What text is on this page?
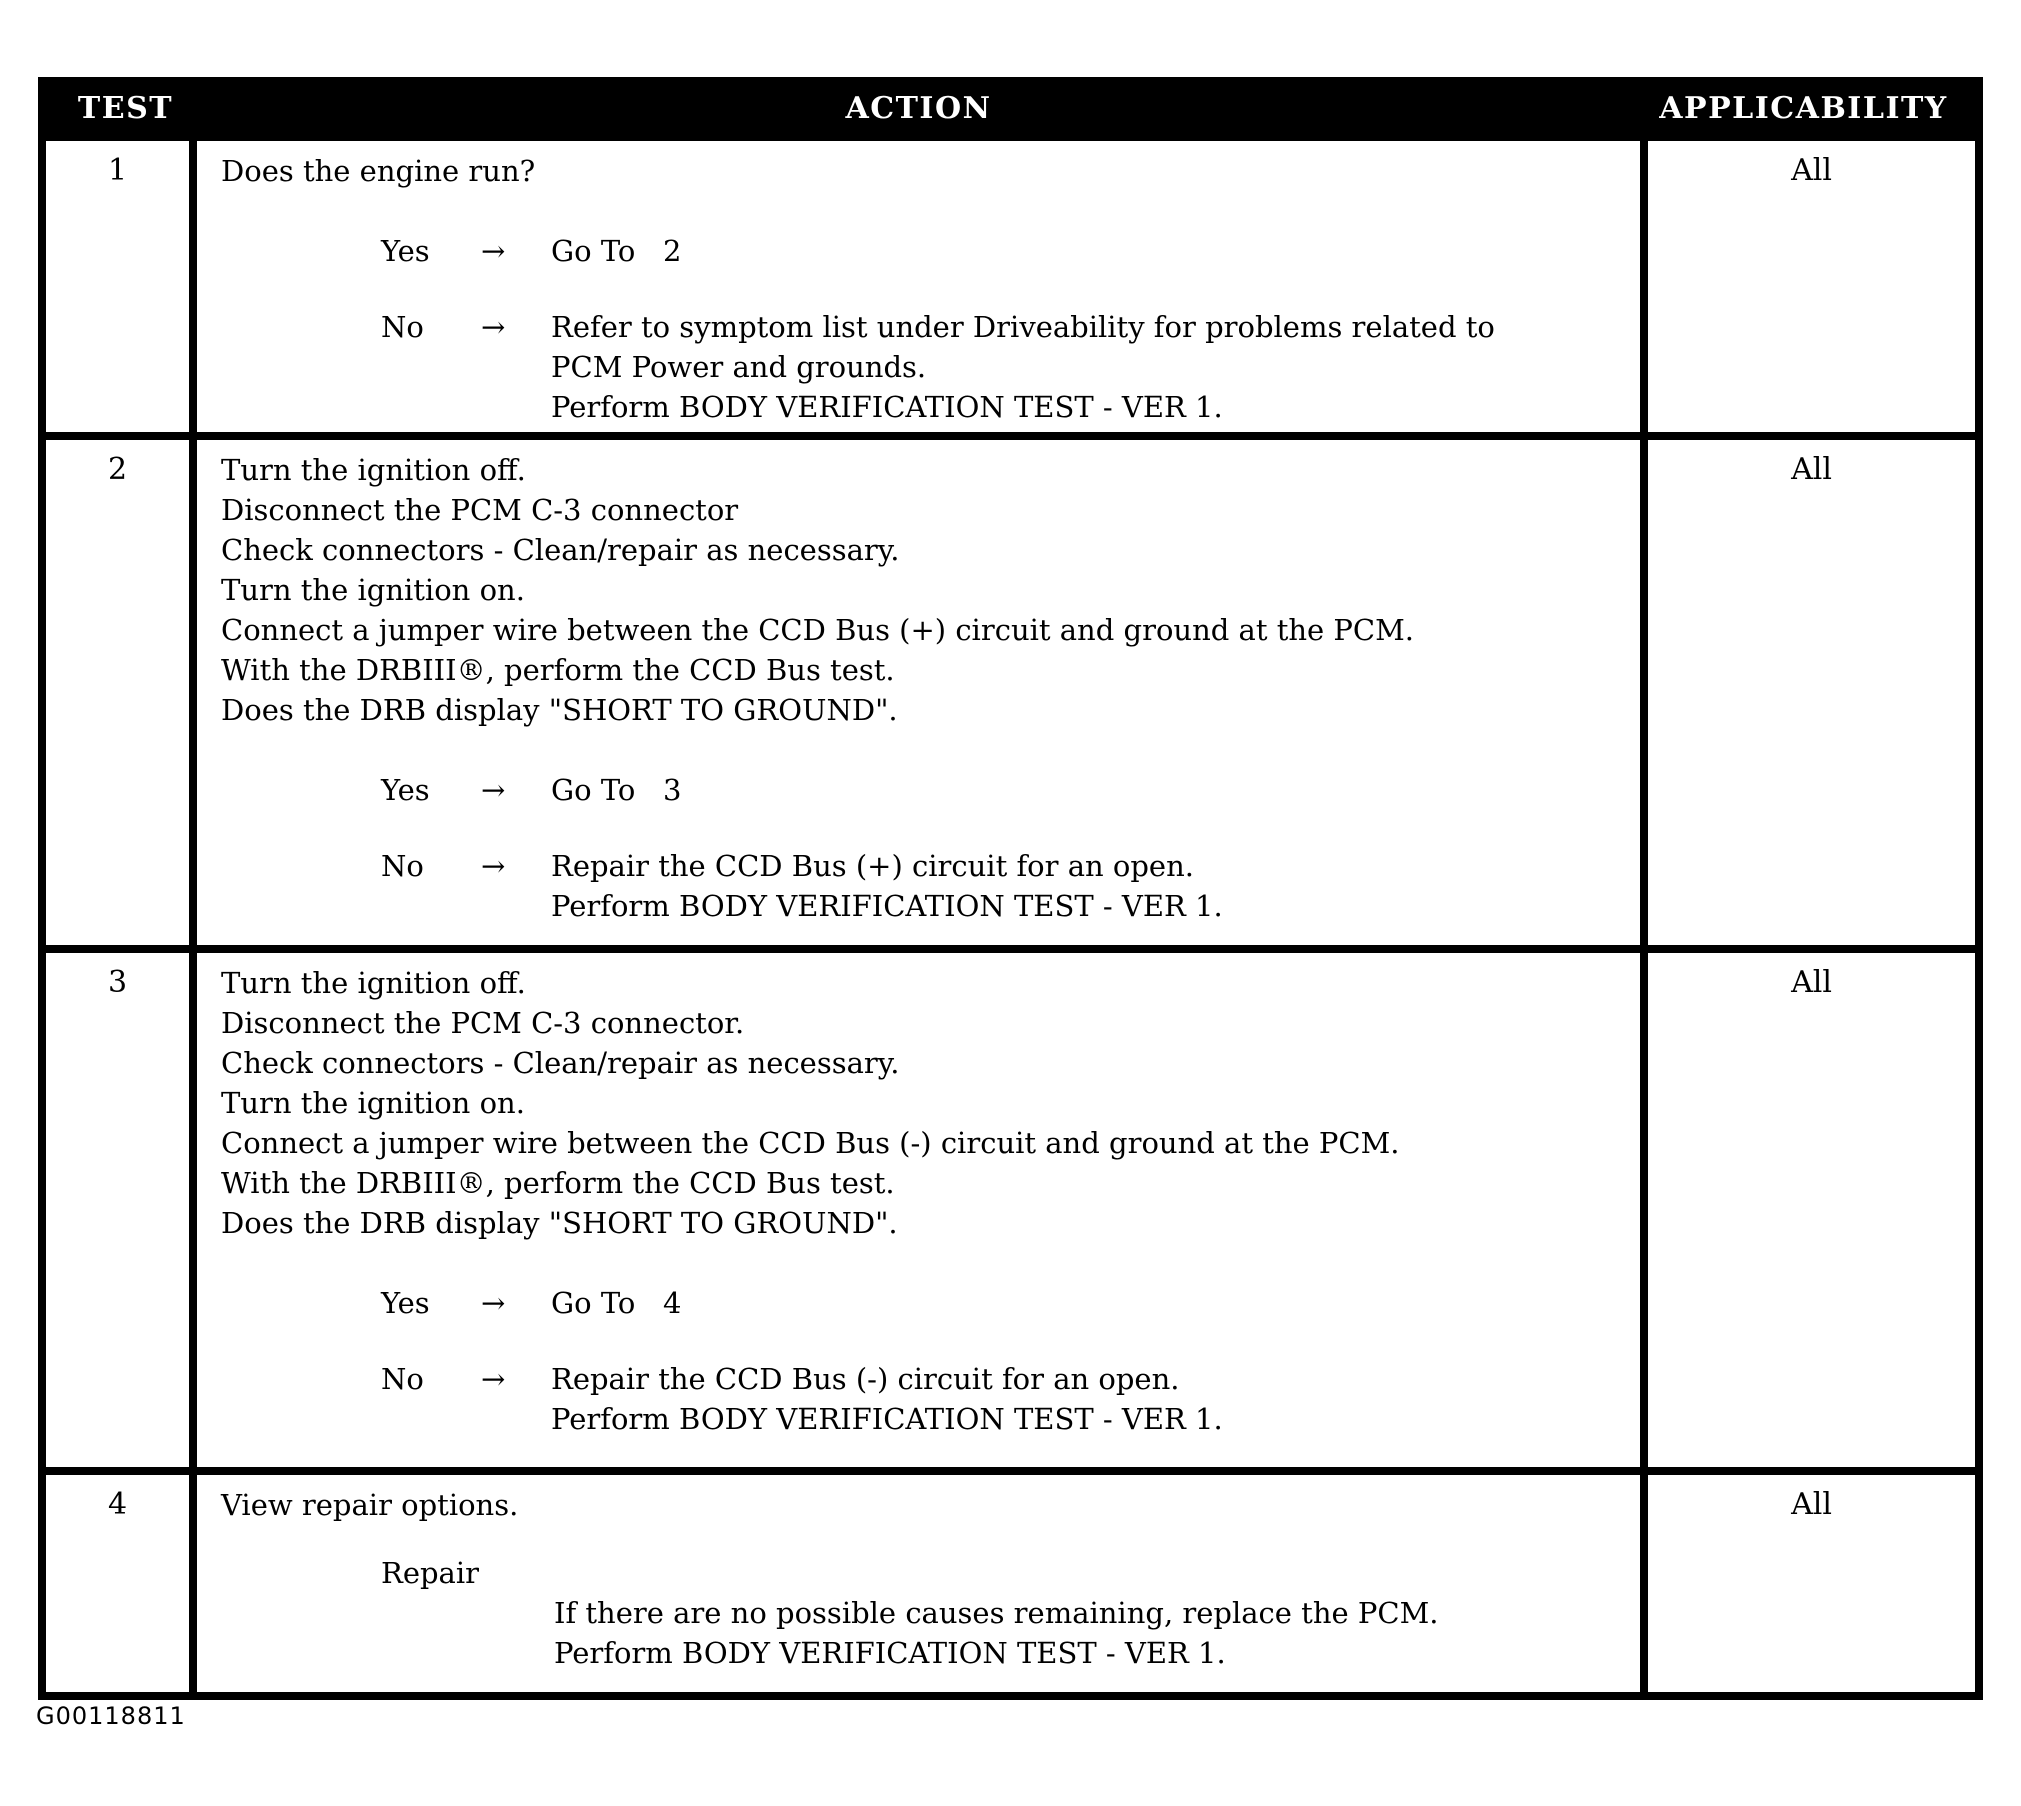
TEST	ACTION	APPLICABILITY
1	Does the engine run?
Yes	→	Go To   2
No	→	Refer to symptom list under Driveability for problems related to
PCM Power and grounds.
Perform BODY VERIFICATION TEST - VER 1.
All
2	Turn the ignition off.
Disconnect the PCM C-3 connector
Check connectors - Clean/repair as necessary.
Turn the ignition on.
Connect a jumper wire between the CCD Bus (+) circuit and ground at the PCM.
With the DRBIII®, perform the CCD Bus test.
Does the DRB display "SHORT TO GROUND".
Yes	→	Go To   3
No	→	Repair the CCD Bus (+) circuit for an open.
Perform BODY VERIFICATION TEST - VER 1.
All
3	Turn the ignition off.
Disconnect the PCM C-3 connector.
Check connectors - Clean/repair as necessary.
Turn the ignition on.
Connect a jumper wire between the CCD Bus (-) circuit and ground at the PCM.
With the DRBIII®, perform the CCD Bus test.
Does the DRB display "SHORT TO GROUND".
Yes	→	Go To   4
No	→	Repair the CCD Bus (-) circuit for an open.
Perform BODY VERIFICATION TEST - VER 1.
All
4	View repair options.
Repair
If there are no possible causes remaining, replace the PCM.
Perform BODY VERIFICATION TEST - VER 1.
All
G00118811
